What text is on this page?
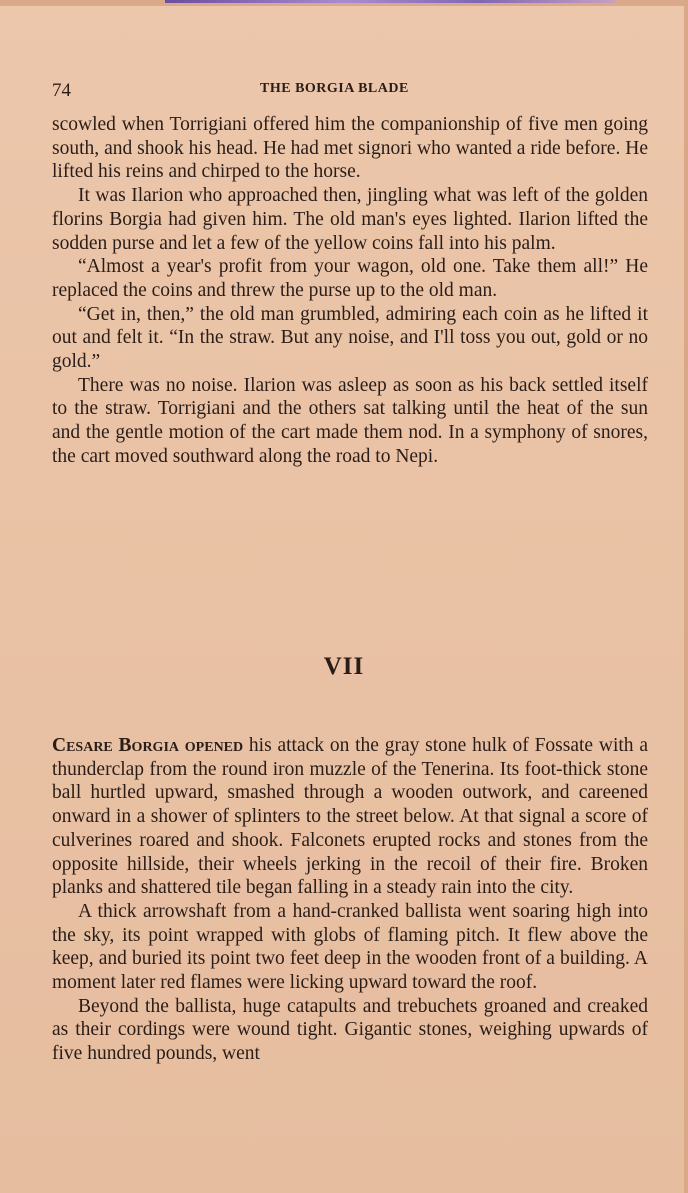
74	THE BORGIA BLADE

scowled when Torrigiani offered him the companionship of five men going south, and shook his head. He had met signori who wanted a ride before. He lifted his reins and chirped to the horse.

It was Ilarion who approached then, jingling what was left of the golden florins Borgia had given him. The old man's eyes lighted. Ilarion lifted the sodden purse and let a few of the yellow coins fall into his palm.

“Almost a year's profit from your wagon, old one. Take them all!” He replaced the coins and threw the purse up to the old man.

“Get in, then,” the old man grumbled, admiring each coin as he lifted it out and felt it. “In the straw. But any noise, and I'll toss you out, gold or no gold.”

There was no noise. Ilarion was asleep as soon as his back settled itself to the straw. Torrigiani and the others sat talking until the heat of the sun and the gentle motion of the cart made them nod. In a symphony of snores, the cart moved southward along the road to Nepi.

VII

Cesare Borgia opened his attack on the gray stone hulk of Fossate with a thunderclap from the round iron muzzle of the Tenerina. Its foot-thick stone ball hurtled upward, smashed through a wooden outwork, and careened onward in a shower of splinters to the street below. At that signal a score of culverines roared and shook. Falconets erupted rocks and stones from the opposite hillside, their wheels jerking in the recoil of their fire. Broken planks and shattered tile began falling in a steady rain into the city.

A thick arrowshaft from a hand-cranked ballista went soaring high into the sky, its point wrapped with globs of flaming pitch. It flew above the keep, and buried its point two feet deep in the wooden front of a building. A moment later red flames were licking upward toward the roof.

Beyond the ballista, huge catapults and trebuchets groaned and creaked as their cordings were wound tight. Gigantic stones, weighing upwards of five hundred pounds, went
